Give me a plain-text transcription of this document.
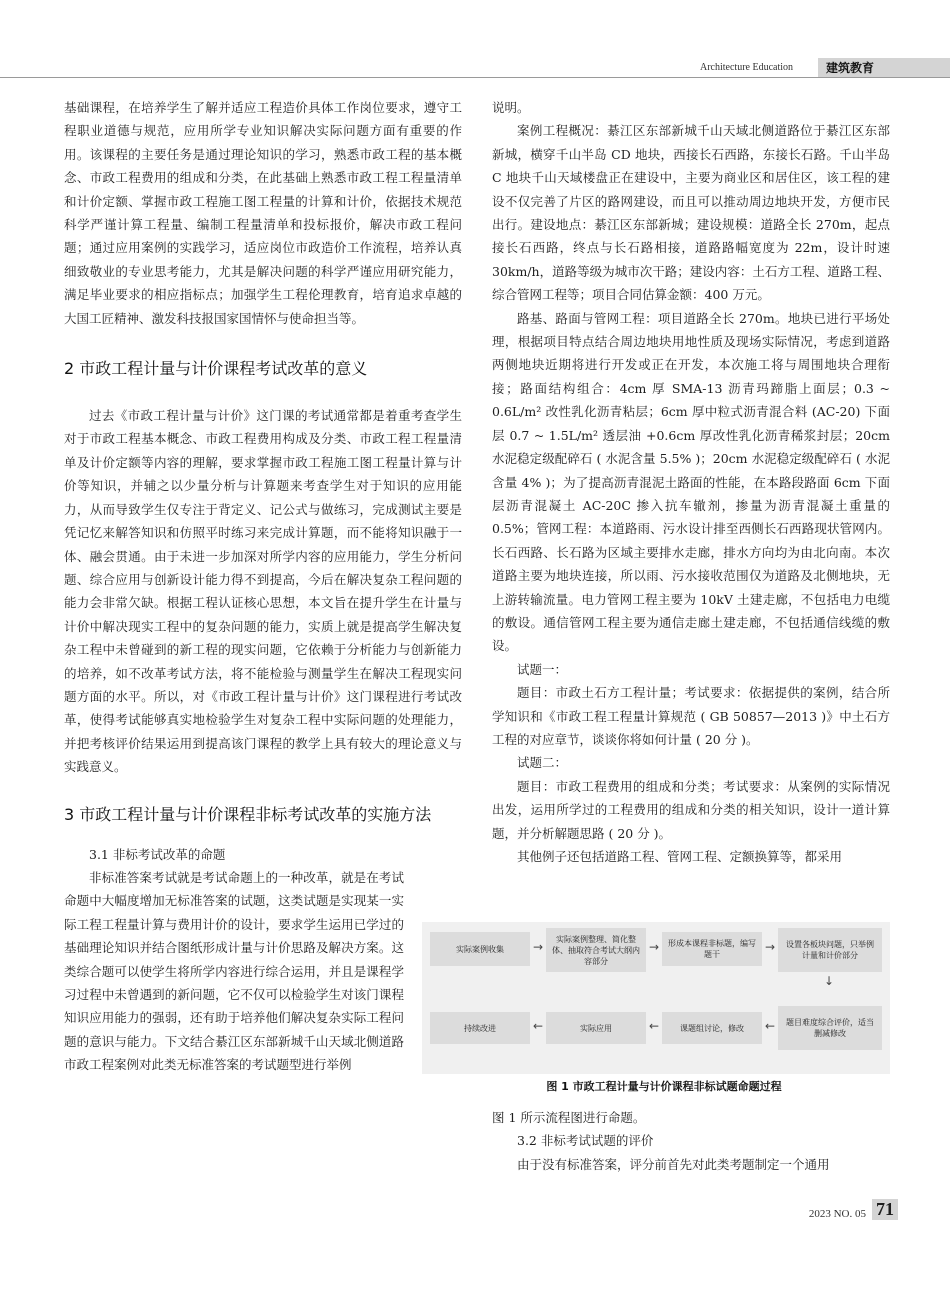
Architecture Education	建筑教育

基础课程，在培养学生了解并适应工程造价具体工作岗位要求，遵守工程职业道德与规范，应用所学专业知识解决实际问题方面有重要的作用。该课程的主要任务是通过理论知识的学习，熟悉市政工程的基本概念、市政工程费用的组成和分类，在此基础上熟悉市政工程工程量清单和计价定额、掌握市政工程施工图工程量的计算和计价，依据技术规范科学严谨计算工程量、编制工程量清单和投标报价，解决市政工程问题；通过应用案例的实践学习，适应岗位市政造价工作流程，培养认真细致敬业的专业思考能力，尤其是解决问题的科学严谨应用研究能力，满足毕业要求的相应指标点；加强学生工程伦理教育，培育追求卓越的大国工匠精神、激发科技报国家国情怀与使命担当等。

2 市政工程计量与计价课程考试改革的意义

过去《市政工程计量与计价》这门课的考试通常都是着重考查学生对于市政工程基本概念、市政工程费用构成及分类、市政工程工程量清单及计价定额等内容的理解，要求掌握市政工程施工图工程量计算与计价等知识，并辅之以少量分析与计算题来考查学生对于知识的应用能力，从而导致学生仅专注于背定义、记公式与做练习，完成测试主要是凭记忆来解答知识和仿照平时练习来完成计算题，而不能将知识融于一体、融会贯通。由于未进一步加深对所学内容的应用能力，学生分析问题、综合应用与创新设计能力得不到提高，今后在解决复杂工程问题的能力会非常欠缺。根据工程认证核心思想，本文旨在提升学生在计量与计价中解决现实工程中的复杂问题的能力，实质上就是提高学生解决复杂工程中未曾碰到的新工程的现实问题，它依赖于分析能力与创新能力的培养，如不改革考试方法，将不能检验与测量学生在解决工程现实问题方面的水平。所以，对《市政工程计量与计价》这门课程进行考试改革，使得考试能够真实地检验学生对复杂工程中实际问题的处理能力，并把考核评价结果运用到提高该门课程的教学上具有较大的理论意义与实践意义。

3 市政工程计量与计价课程非标考试改革的实施方法

3.1 非标考试改革的命题

非标准答案考试就是考试命题上的一种改革，就是在考试命题中大幅度增加无标准答案的试题，这类试题是实现某一实际工程工程量计算与费用计价的设计，要求学生运用已学过的基础理论知识并结合图纸形成计量与计价思路及解决方案。这类综合题可以使学生将所学内容进行综合运用，并且是课程学习过程中未曾遇到的新问题，它不仅可以检验学生对该门课程知识应用能力的强弱，还有助于培养他们解决复杂实际工程问题的意识与能力。下文结合綦江区东部新城千山天域北侧道路市政工程案例对此类无标准答案的考试题型进行举例

说明。

案例工程概况：綦江区东部新城千山天域北侧道路位于綦江区东部新城，横穿千山半岛 CD 地块，西接长石西路，东接长石路。千山半岛 C 地块千山天域楼盘正在建设中，主要为商业区和居住区，该工程的建设不仅完善了片区的路网建设，而且可以推动周边地块开发，方便市民出行。建设地点：綦江区东部新城；建设规模：道路全长 270m，起点接长石西路，终点与长石路相接，道路路幅宽度为 22m，设计时速 30km/h，道路等级为城市次干路；建设内容：土石方工程、道路工程、综合管网工程等；项目合同估算金额：400 万元。

路基、路面与管网工程：项目道路全长 270m。地块已进行平场处理，根据项目特点结合周边地块用地性质及现场实际情况，考虑到道路两侧地块近期将进行开发或正在开发，本次施工将与周围地块合理衔接；路面结构组合：4cm 厚 SMA-13 沥青玛蹄脂上面层；0.3 ~ 0.6L/m² 改性乳化沥青粘层；6cm 厚中粒式沥青混合料 (AC-20) 下面层 0.7 ~ 1.5L/m² 透层油 +0.6cm 厚改性乳化沥青稀浆封层；20cm 水泥稳定级配碎石 ( 水泥含量 5.5% )；20cm 水泥稳定级配碎石 ( 水泥含量 4% )；为了提高沥青混泥土路面的性能，在本路段路面 6cm 下面层沥青混凝土 AC-20C 掺入抗车辙剂，掺量为沥青混凝土重量的 0.5%；管网工程：本道路雨、污水设计排至西侧长石西路现状管网内。长石西路、长石路为区域主要排水走廊，排水方向均为由北向南。本次道路主要为地块连接，所以雨、污水接收范围仅为道路及北侧地块，无上游转输流量。电力管网工程主要为 10kV 土建走廊，不包括电力电缆的敷设。通信管网工程主要为通信走廊土建走廊，不包括通信线缆的敷设。

试题一：

题目：市政土石方工程计量；考试要求：依据提供的案例，结合所学知识和《市政工程工程量计算规范 ( GB 50857—2013 )》中土石方工程的对应章节，谈谈你将如何计量 ( 20 分 )。

试题二：

题目：市政工程费用的组成和分类；考试要求：从案例的实际情况出发，运用所学过的工程费用的组成和分类的相关知识，设计一道计算题，并分析解题思路 ( 20 分 )。

其他例子还包括道路工程、管网工程、定额换算等，都采用

图 1 所示流程图进行命题。

3.2 非标考试试题的评价

由于没有标准答案，评分前首先对此类考题制定一个通用

实际案例收集	→
实际案例整理、简化整体、抽取符合考试大纲内容部分
→	形成本课程非标题，编写题干
→	设置各板块问题，只举例计量和计价部分
↓
题目难度综合评价，适当删减修改
←
课题组讨论，修改
←
实际应用
←
持续改进
图 1 市政工程计量与计价课程非标试题命题过程
2023 NO. 05 71
